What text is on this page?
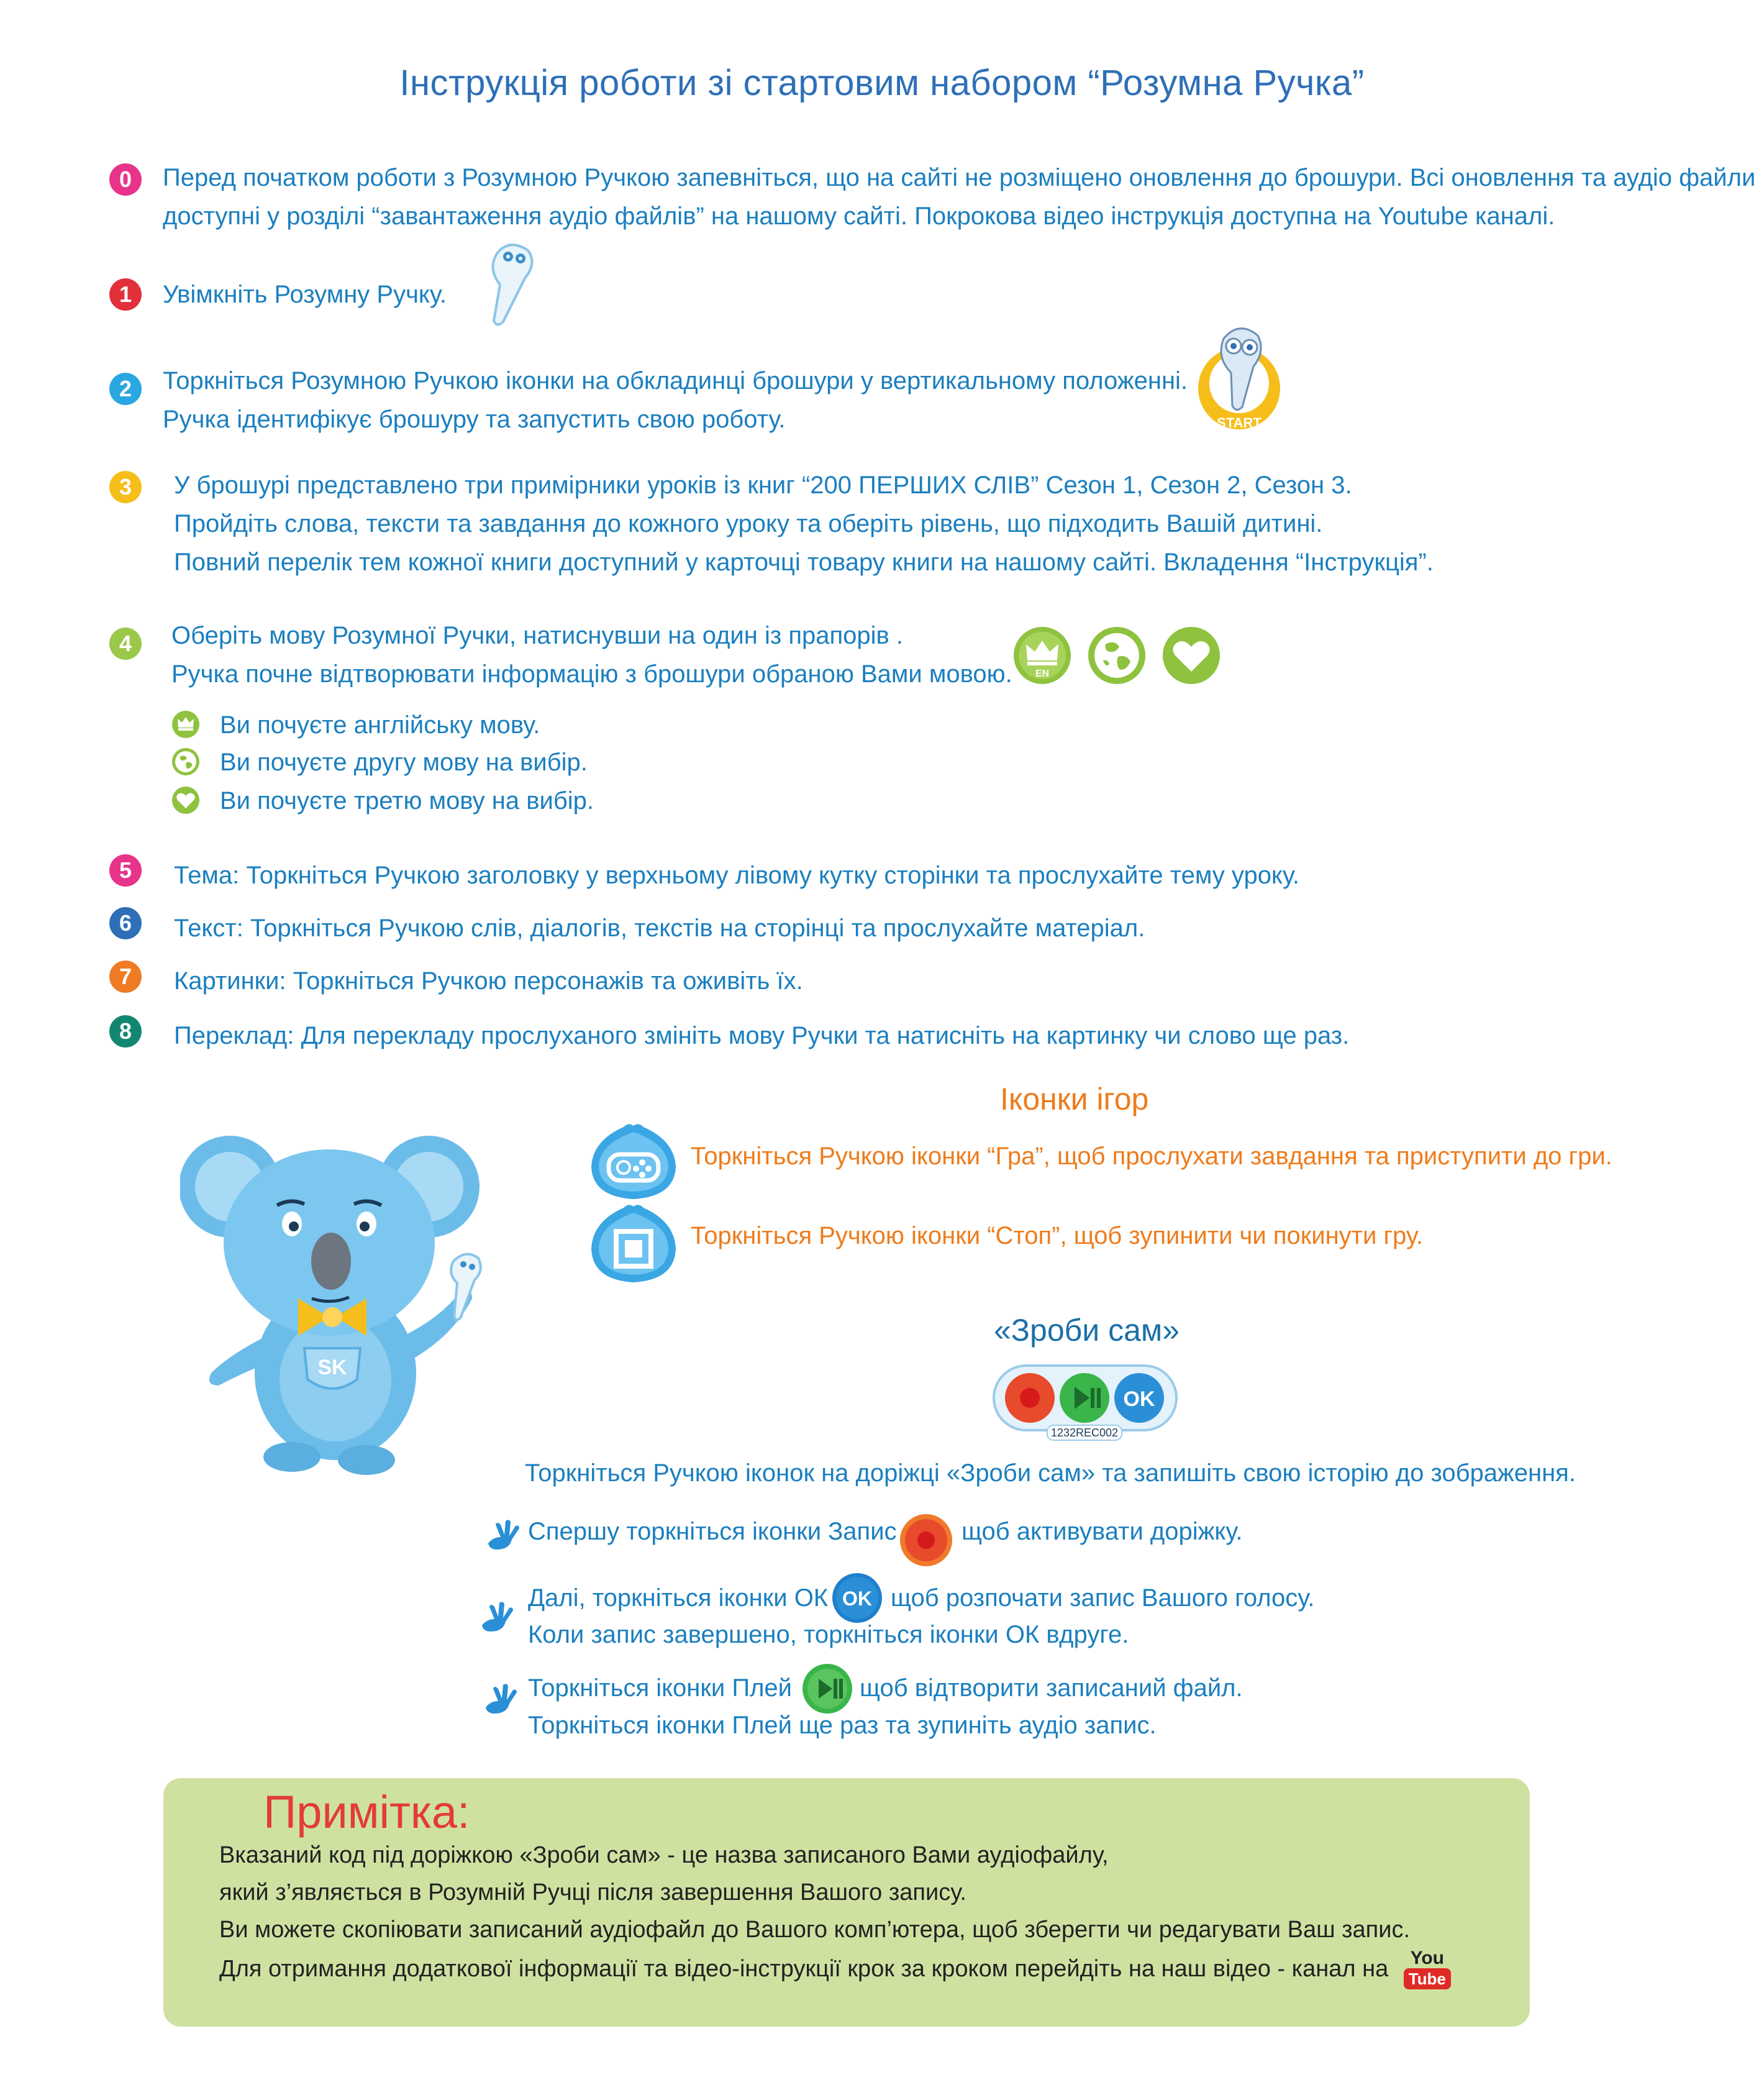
Інструкція роботи зі стартовим набором “Розумна Ручка”
0	Перед початком роботи з Розумною Ручкою запевніться, що на сайті не розміщено оновлення до брошури. Всі оновлення та аудіо файли
доступні у розділі “завантаження аудіо файлів” на нашому сайті. Покрокова відео інструкція доступна на Youtube каналі.
1	Увімкніть Розумну Ручку.
2	Торкніться Розумною Ручкою іконки на обкладинці брошури у вертикальному положенні.
Ручка ідентифікує брошуру та запустить свою роботу.	START
3	У брошурі представлено три примірники уроків із книг “200 ПЕРШИХ СЛІВ” Сезон 1, Сезон 2, Сезон 3.
Пройдіть слова, тексти та завдання до кожного уроку та оберіть рівень, що підходить Вашій дитині.
Повний перелік тем кожної книги доступний у карточці товару книги на нашому сайті. Вкладення “Інструкція”.
4	Оберіть мову Розумної Ручки, натиснувши на один із прапорів .
Ручка почне відтворювати інформацію з брошури обраною Вами мовою. EN
Ви почуєте англійську мову.
Ви почуєте другу мову на вибір.
Ви почуєте третю мову на вибір.
5	Тема: Торкніться Ручкою заголовку у верхньому лівому кутку сторінки та прослухайте тему уроку.
6	Текст: Торкніться Ручкою слів, діалогів, текстів на сторінці та прослухайте матеріал.
7	Картинки: Торкніться Ручкою персонажів та оживіть їх.
8	Переклад: Для перекладу прослуханого змініть мову Ручки та натисніть на картинку чи слово ще раз.
SK
Іконки ігор
Торкніться Ручкою іконки “Гра”, щоб прослухати завдання та приступити до гри.
Торкніться Ручкою іконки “Стоп”, щоб зупинити чи покинути гру.
«Зроби сам»
OK
1232REC002
Торкніться Ручкою іконок на доріжці «Зроби сам» та запишіть свою історію до зображення.
Спершу торкніться іконки Запис	щоб активувати доріжку.
Далі, торкніться іконки ОК OK щоб розпочати запис Вашого голосу.
Коли запис завершено, торкніться іконки ОК вдруге.
Торкніться іконки Плей	щоб відтворити записаний файл.
Торкніться іконки Плей ще раз та зупиніть аудіо запис.
Примітка:
Вказаний код під доріжкою «Зроби сам» - це назва записаного Вами аудіофайлу,
який з’являється в Розумній Ручці після завершення Вашого запису.
Ви можете скопіювати записаний аудіофайл до Вашого комп’ютера, щоб зберегти чи редагувати Ваш запис.
Для отримання додаткової інформації та відео-інструкції крок за кроком перейдіть на наш відео - канал на	You
Tube
